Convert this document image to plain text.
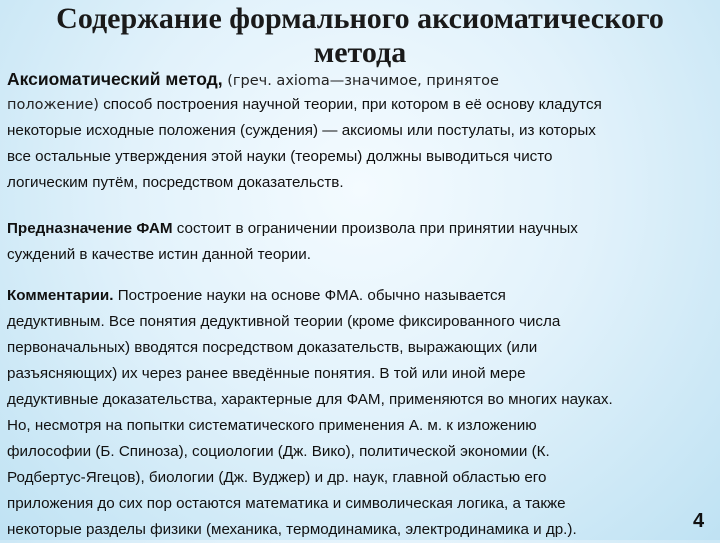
Содержание формального аксиоматического
метода
Аксиоматический метод, (греч. axioma—значимое, принятое
положение) способ построения научной теории, при котором в её основу кладутся
некоторые исходные положения (суждения) — аксиомы или постулаты, из которых
все остальные утверждения этой науки (теоремы) должны выводиться чисто
логическим путём, посредством доказательств.
Предназначение ФАМ состоит в ограничении произвола при принятии научных
суждений в качестве истин данной теории.
Комментарии. Построение науки на основе ФМА. обычно называется
дедуктивным. Все понятия дедуктивной теории (кроме фиксированного числа
первоначальных) вводятся посредством доказательств, выражающих (или
разъясняющих) их через ранее введённые понятия. В той или иной мере
дедуктивные доказательства, характерные для ФАМ, применяются во многих науках.
Но, несмотря на попытки систематического применения А. м. к изложению
философии (Б. Спиноза), социологии (Дж. Вико), политической экономии (К.
Родбертус-Ягецов), биологии (Дж. Вуджер) и др. наук, главной областью его
приложения до сих пор остаются математика и символическая логика, а также
некоторые разделы физики (механика, термодинамика, электродинамика и др.).	4
